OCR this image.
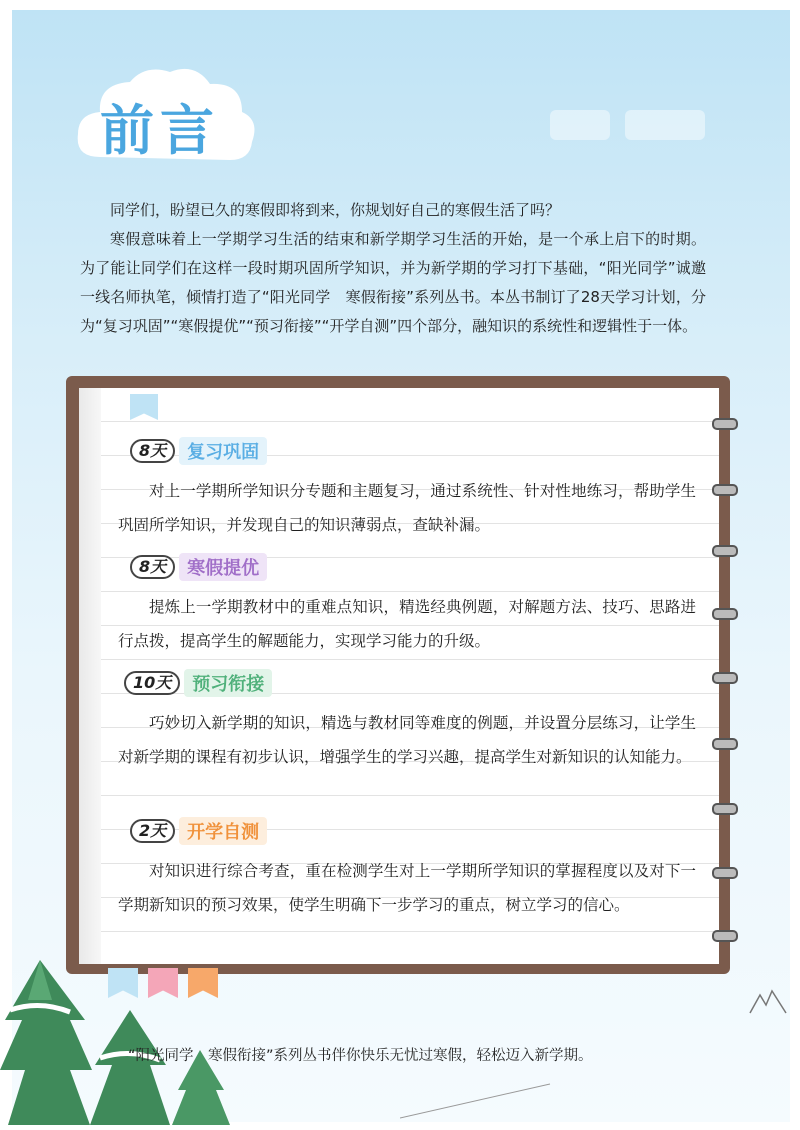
前言

同学们，盼望已久的寒假即将到来，你规划好自己的寒假生活了吗？

寒假意味着上一学期学习生活的结束和新学期学习生活的开始，是一个承上启下的时期。为了能让同学们在这样一段时期巩固所学知识，并为新学期的学习打下基础，“阳光同学”诚邀一线名师执笔，倾情打造了“阳光同学　寒假衔接”系列丛书。本丛书制订了28天学习计划，分为“复习巩固”“寒假提优”“预习衔接”“开学自测”四个部分，融知识的系统性和逻辑性于一体。

8天	复习巩固

对上一学期所学知识分专题和主题复习，通过系统性、针对性地练习，帮助学生巩固所学知识，并发现自己的知识薄弱点，查缺补漏。

8天	寒假提优

提炼上一学期教材中的重难点知识，精选经典例题，对解题方法、技巧、思路进行点拨，提高学生的解题能力，实现学习能力的升级。

10天	预习衔接

巧妙切入新学期的知识，精选与教材同等难度的例题，并设置分层练习，让学生对新学期的课程有初步认识，增强学生的学习兴趣，提高学生对新知识的认知能力。

2天	开学自测

对知识进行综合考查，重在检测学生对上一学期所学知识的掌握程度以及对下一学期新知识的预习效果，使学生明确下一步学习的重点，树立学习的信心。

“阳光同学　寒假衔接”系列丛书伴你快乐无忧过寒假，轻松迈入新学期。
